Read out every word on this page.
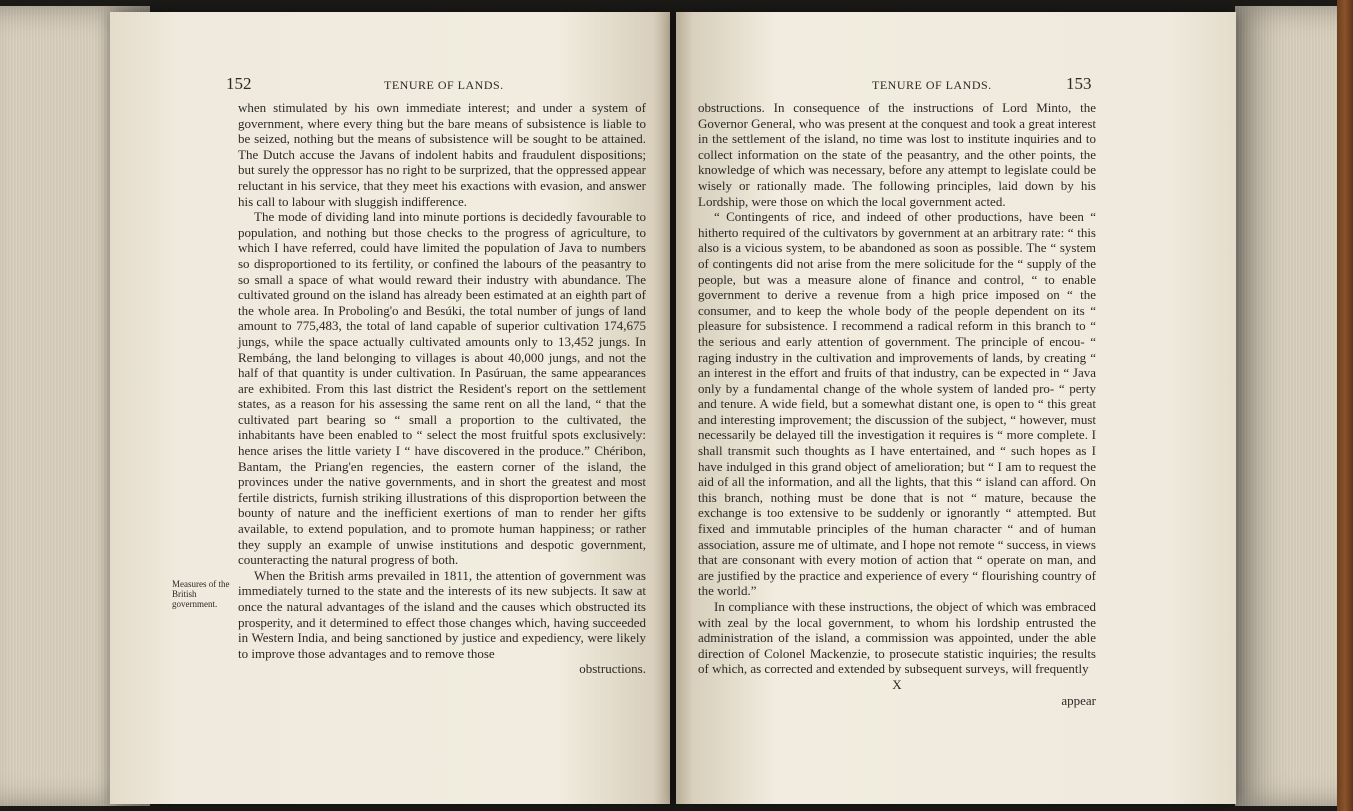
152	TENURE OF LANDS.

when stimulated by his own immediate interest; and under a system of government, where every thing but the bare means of subsistence is liable to be seized, nothing but the means of subsistence will be sought to be attained. The Dutch accuse the Javans of indolent habits and fraudulent dispositions; but surely the oppressor has no right to be surprized, that the oppressed appear reluctant in his service, that they meet his exactions with evasion, and answer his call to labour with sluggish indifference.

The mode of dividing land into minute portions is decidedly favourable to population, and nothing but those checks to the progress of agriculture, to which I have referred, could have limited the population of Java to numbers so disproportioned to its fertility, or confined the labours of the peasantry to so small a space of what would reward their industry with abundance. The cultivated ground on the island has already been estimated at an eighth part of the whole area. In Proboling'o and Besúki, the total number of jungs of land amount to 775,483, the total of land capable of superior cultivation 174,675 jungs, while the space actually cultivated amounts only to 13,452 jungs. In Rembáng, the land belonging to villages is about 40,000 jungs, and not the half of that quantity is under cultivation. In Pasúruan, the same appearances are exhibited. From this last district the Resident's report on the settlement states, as a reason for his assessing the same rent on all the land, “ that the cultivated part bearing so “ small a proportion to the cultivated, the inhabitants have been enabled to “ select the most fruitful spots exclusively: hence arises the little variety I “ have discovered in the produce.” Chéribon, Bantam, the Priang'en regencies, the eastern corner of the island, the provinces under the native governments, and in short the greatest and most fertile districts, furnish striking illustrations of this disproportion between the bounty of nature and the inefficient exertions of man to render her gifts available, to extend population, and to promote human happiness; or rather they supply an example of unwise institutions and despotic government, counteracting the natural progress of both.

When the British arms prevailed in 1811, the attention of government was immediately turned to the state and the interests of its new subjects. It saw at once the natural advantages of the island and the causes which obstructed its prosperity, and it determined to effect those changes which, having succeeded in Western India, and being sanctioned by justice and expediency, were likely to improve those advantages and to remove those

obstructions.

Measures of the British government.
TENURE OF LANDS.	153

obstructions. In consequence of the instructions of Lord Minto, the Governor General, who was present at the conquest and took a great interest in the settlement of the island, no time was lost to institute inquiries and to collect information on the state of the peasantry, and the other points, the knowledge of which was necessary, before any attempt to legislate could be wisely or rationally made. The following principles, laid down by his Lordship, were those on which the local government acted.

“ Contingents of rice, and indeed of other productions, have been “ hitherto required of the cultivators by government at an arbitrary rate: “ this also is a vicious system, to be abandoned as soon as possible. The “ system of contingents did not arise from the mere solicitude for the “ supply of the people, but was a measure alone of finance and control, “ to enable government to derive a revenue from a high price imposed on “ the consumer, and to keep the whole body of the people dependent on its “ pleasure for subsistence. I recommend a radical reform in this branch to “ the serious and early attention of government. The principle of encou- “ raging industry in the cultivation and improvements of lands, by creating “ an interest in the effort and fruits of that industry, can be expected in “ Java only by a fundamental change of the whole system of landed pro- “ perty and tenure. A wide field, but a somewhat distant one, is open to “ this great and interesting improvement; the discussion of the subject, “ however, must necessarily be delayed till the investigation it requires is “ more complete. I shall transmit such thoughts as I have entertained, and “ such hopes as I have indulged in this grand object of amelioration; but “ I am to request the aid of all the information, and all the lights, that this “ island can afford. On this branch, nothing must be done that is not “ mature, because the exchange is too extensive to be suddenly or ignorantly “ attempted. But fixed and immutable principles of the human character “ and of human association, assure me of ultimate, and I hope not remote “ success, in views that are consonant with every motion of action that “ operate on man, and are justified by the practice and experience of every “ flourishing country of the world.”

In compliance with these instructions, the object of which was embraced with zeal by the local government, to whom his lordship entrusted the administration of the island, a commission was appointed, under the able direction of Colonel Mackenzie, to prosecute statistic inquiries; the results of which, as corrected and extended by subsequent surveys, will frequently

X

appear
